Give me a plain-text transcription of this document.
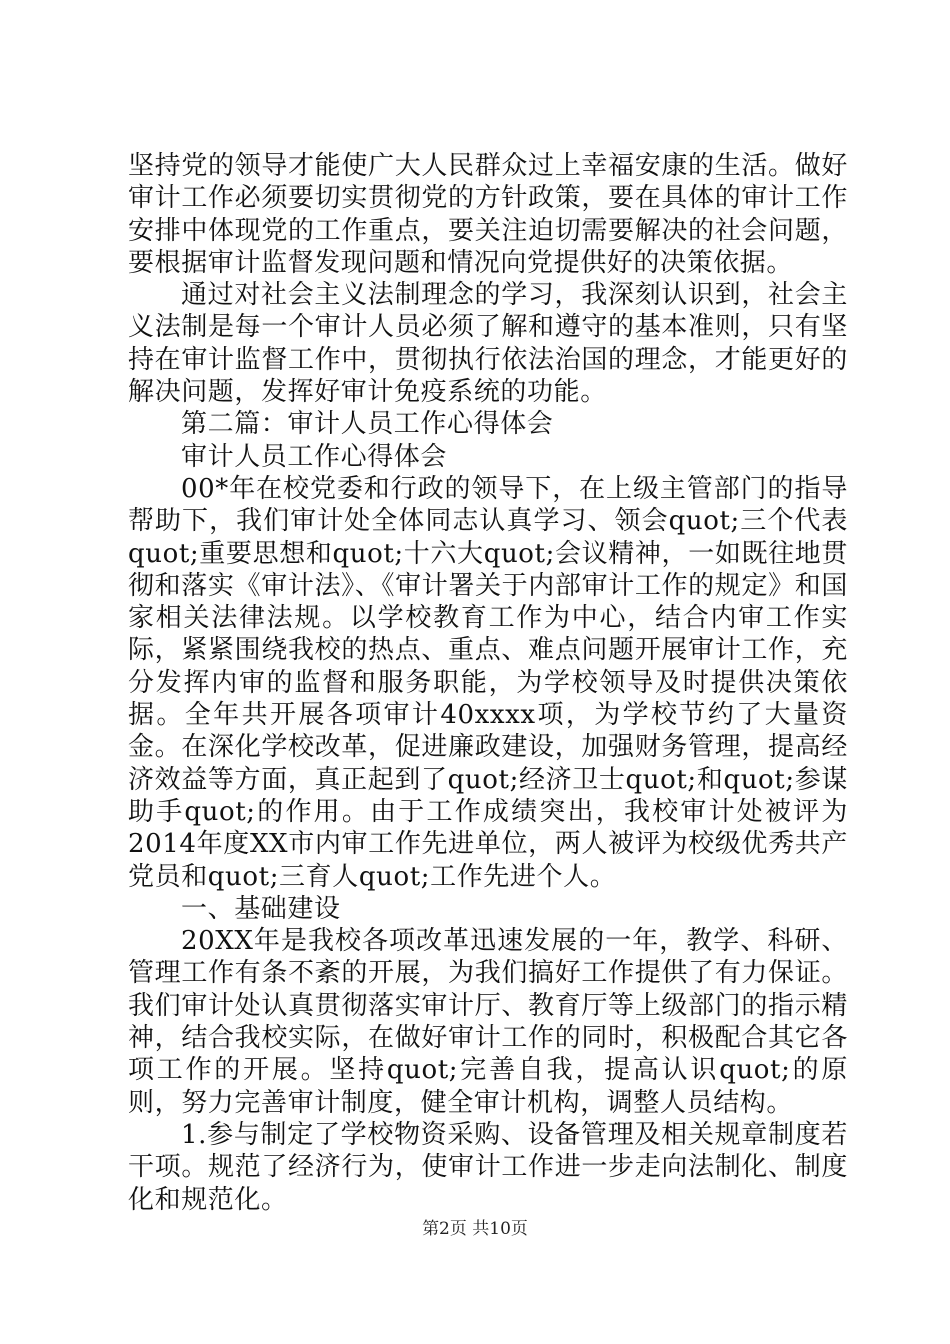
坚持党的领导才能使广大人民群众过上幸福安康的生活。做好审计工作必须要切实贯彻党的方针政策，要在具体的审计工作安排中体现党的工作重点，要关注迫切需要解决的社会问题，要根据审计监督发现问题和情况向党提供好的决策依据。

通过对社会主义法制理念的学习，我深刻认识到，社会主义法制是每一个审计人员必须了解和遵守的基本准则，只有坚持在审计监督工作中，贯彻执行依法治国的理念，才能更好的解决问题，发挥好审计免疫系统的功能。

第二篇：审计人员工作心得体会

审计人员工作心得体会

00*年在校党委和行政的领导下，在上级主管部门的指导帮助下，我们审计处全体同志认真学习、领会quot;三个代表quot;重要思想和quot;十六大quot;会议精神，一如既往地贯彻和落实《审计法》、《审计署关于内部审计工作的规定》和国家相关法律法规。以学校教育工作为中心，结合内审工作实际，紧紧围绕我校的热点、重点、难点问题开展审计工作，充分发挥内审的监督和服务职能，为学校领导及时提供决策依据。全年共开展各项审计40xxxx项，为学校节约了大量资金。在深化学校改革，促进廉政建设，加强财务管理，提高经济效益等方面，真正起到了quot;经济卫士quot;和quot;参谋助手quot;的作用。由于工作成绩突出，我校审计处被评为2014年度XX市内审工作先进单位，两人被评为校级优秀共产党员和quot;三育人quot;工作先进个人。

一、基础建设

20XX年是我校各项改革迅速发展的一年，教学、科研、管理工作有条不紊的开展，为我们搞好工作提供了有力保证。我们审计处认真贯彻落实审计厅、教育厅等上级部门的指示精神，结合我校实际，在做好审计工作的同时，积极配合其它各项工作的开展。坚持quot;完善自我，提高认识quot;的原则，努力完善审计制度，健全审计机构，调整人员结构。

1.参与制定了学校物资采购、设备管理及相关规章制度若干项。规范了经济行为，使审计工作进一步走向法制化、制度化和规范化。

第2页 共10页
